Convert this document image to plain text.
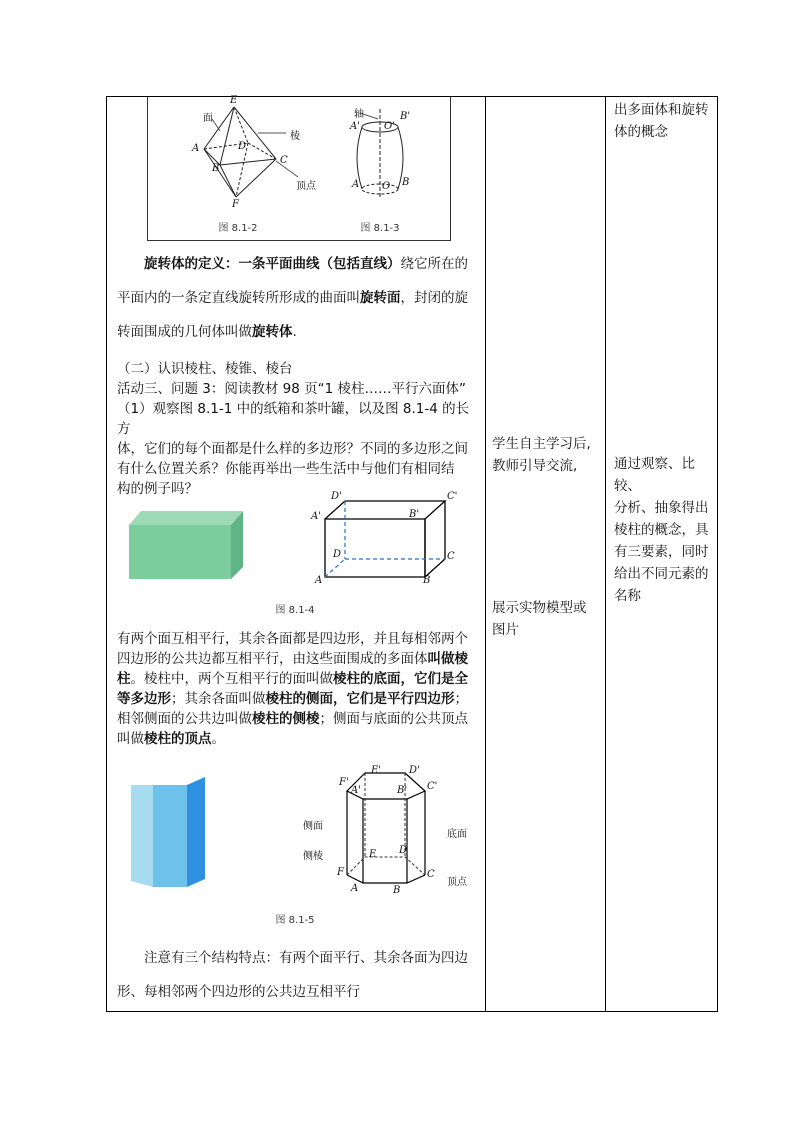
E
A
B
C
D
F
面
棱
顶点
轴	B'
O'
A'
A O B
图 8.1-2	图 8.1-3
旋转体的定义：一条平面曲线（包括直线）绕它所在的
平面内的一条定直线旋转所形成的曲面叫旋转面，封闭的旋
转面围成的几何体叫做旋转体.
（二）认识棱柱、棱锥、棱台
活动三、问题 3：阅读教材 98 页“1 棱柱……平行六面体”
（1）观察图 8.1-1 中的纸箱和茶叶罐，以及图 8.1-4 的长方
体，它们的每个面都是什么样的多边形？不同的多边形之间
有什么位置关系？你能再举出一些生活中与他们有相同结
构的例子吗？	D'	C'
A'	B'
D	C
A	B
图 8.1-4
有两个面互相平行，其余各面都是四边形，并且每相邻两个
四边形的公共边都互相平行，由这些面围成的多面体叫做棱
柱。棱柱中，两个互相平行的面叫做棱柱的底面，它们是全
等多边形；其余各面叫做棱柱的侧面，它们是平行四边形；
相邻侧面的公共边叫做棱柱的侧棱；侧面与底面的公共顶点
叫做棱柱的顶点。
F'
E'	D'
A'	B' C'
侧面
侧棱
底面
顶点
E D
F
A	B
C
图 8.1-5
注意有三个结构特点：有两个面平行、其余各面为四边
形、每相邻两个四边形的公共边互相平行
学生自主学习后,
教师引导交流,
展示实物模型或
图片
出多面体和旋转
体的概念
通过观察、比较、
分析、抽象得出
棱柱的概念，具
有三要素，同时
给出不同元素的
名称
